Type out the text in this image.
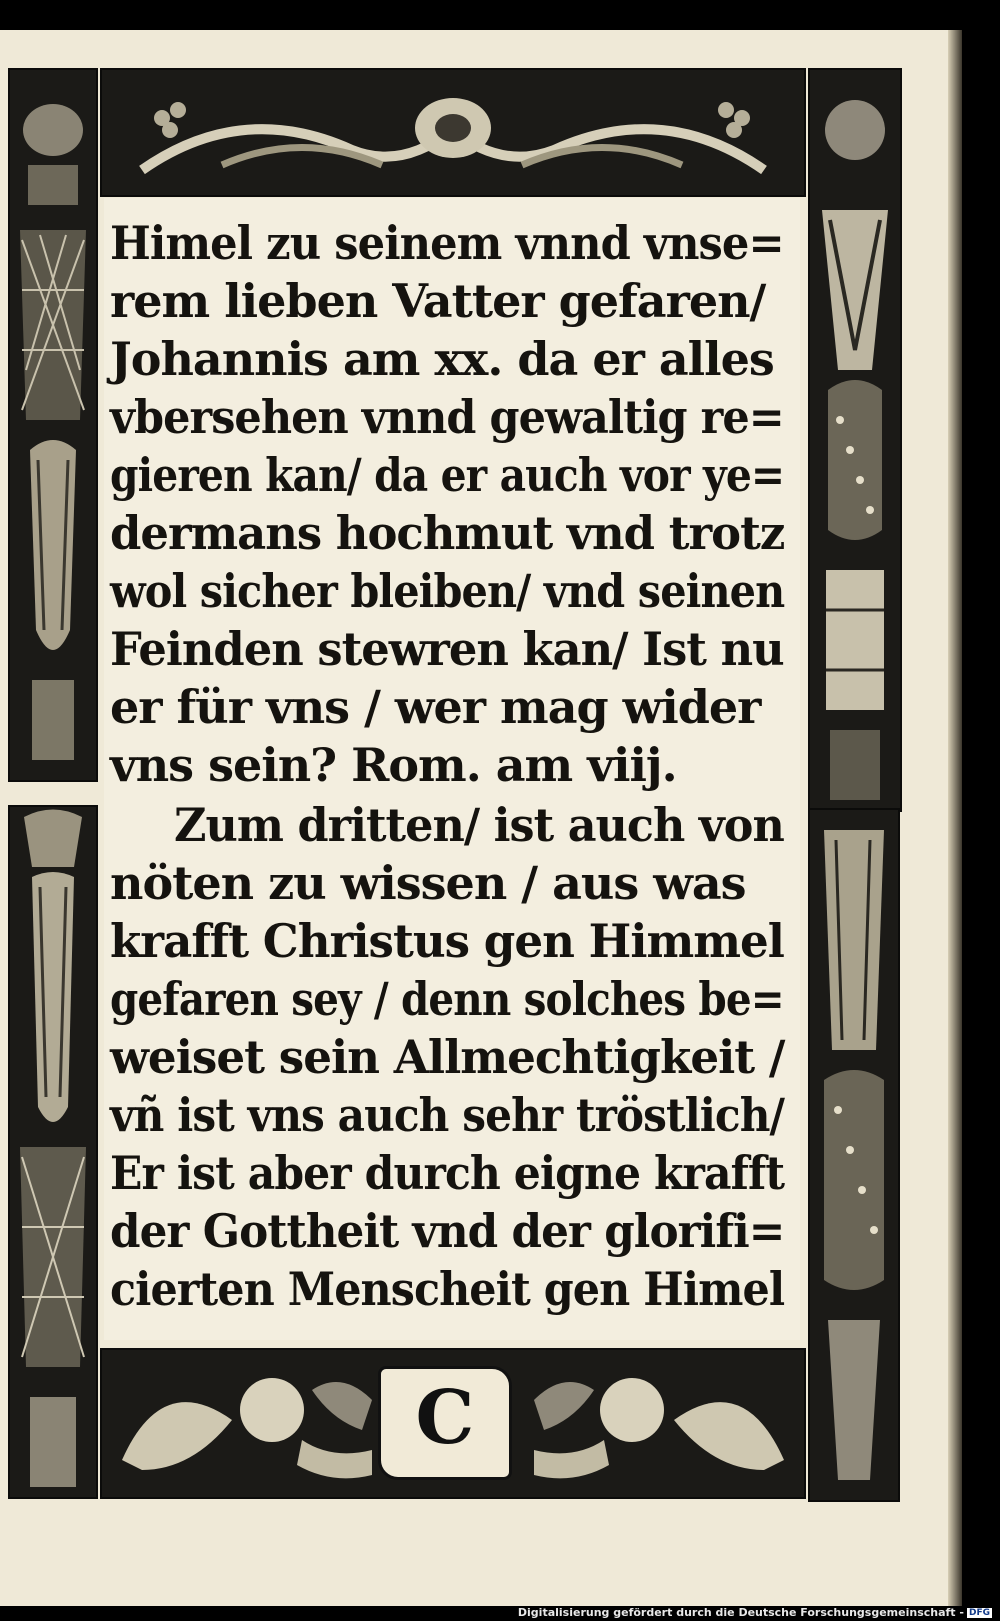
Himel zu seinem vnnd vnse=
rem lieben Vatter gefaren/
Johannis am xx. da er alles
vbersehen vnnd gewaltig re=
gieren kan/ da er auch vor ye=
dermans hochmut vnd trotz
wol sicher bleiben/ vnd seinen
Feinden stewren kan/ Ist nu
er für vns / wer mag wider
vns sein? Rom. am viij.
Zum dritten/ ist auch von
nöten zu wissen / aus was
krafft Christus gen Himmel
gefaren sey / denn solches be=
weiset sein Allmechtigkeit /
vñ ist vns auch sehr tröstlich/
Er ist aber durch eigne krafft
der Gottheit vnd der glorifi=
cierten Menscheit gen Himel
C
Digitalisierung gefördert durch die Deutsche Forschungsgemeinschaft - DFG
